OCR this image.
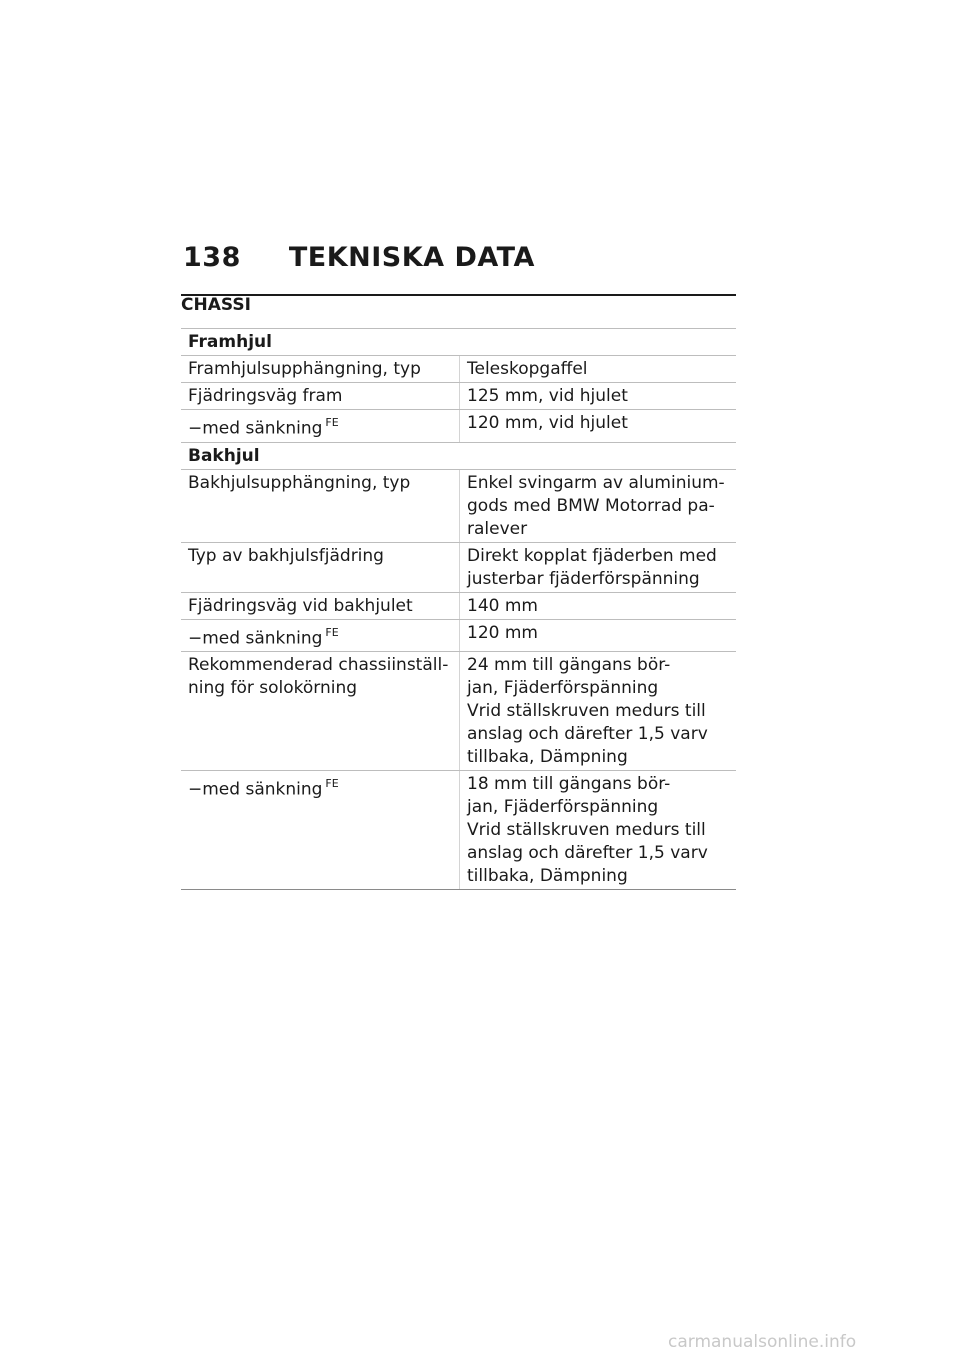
138 TEKNISKA DATA
CHASSI
Framhjul	
Framhjulsupphängning, typ	Teleskopgaffel
Fjädringsväg fram	125 mm, vid hjulet
−med sänkning $^{FE}$	120 mm, vid hjulet
Bakhjul	
Bakhjulsupphängning, typ	Enkel svingarm av aluminium-
gods med BMW Motorrad pa-
ralever
Typ av bakhjulsfjädring	Direkt kopplat fjäderben med
justerbar fjäderförspänning
Fjädringsväg vid bakhjulet	140 mm
−med sänkning $^{FE}$	120 mm
Rekommenderad chassiinställ-
ning för solokörning	24 mm till gängans bör-
jan, Fjäderförspänning
Vrid ställskruven medurs till
anslag och därefter 1,5 varv
tillbaka, Dämpning
−med sänkning $^{FE}$	18 mm till gängans bör-
jan, Fjäderförspänning
Vrid ställskruven medurs till
anslag och därefter 1,5 varv
tillbaka, Dämpning
carmanualsonline.info
